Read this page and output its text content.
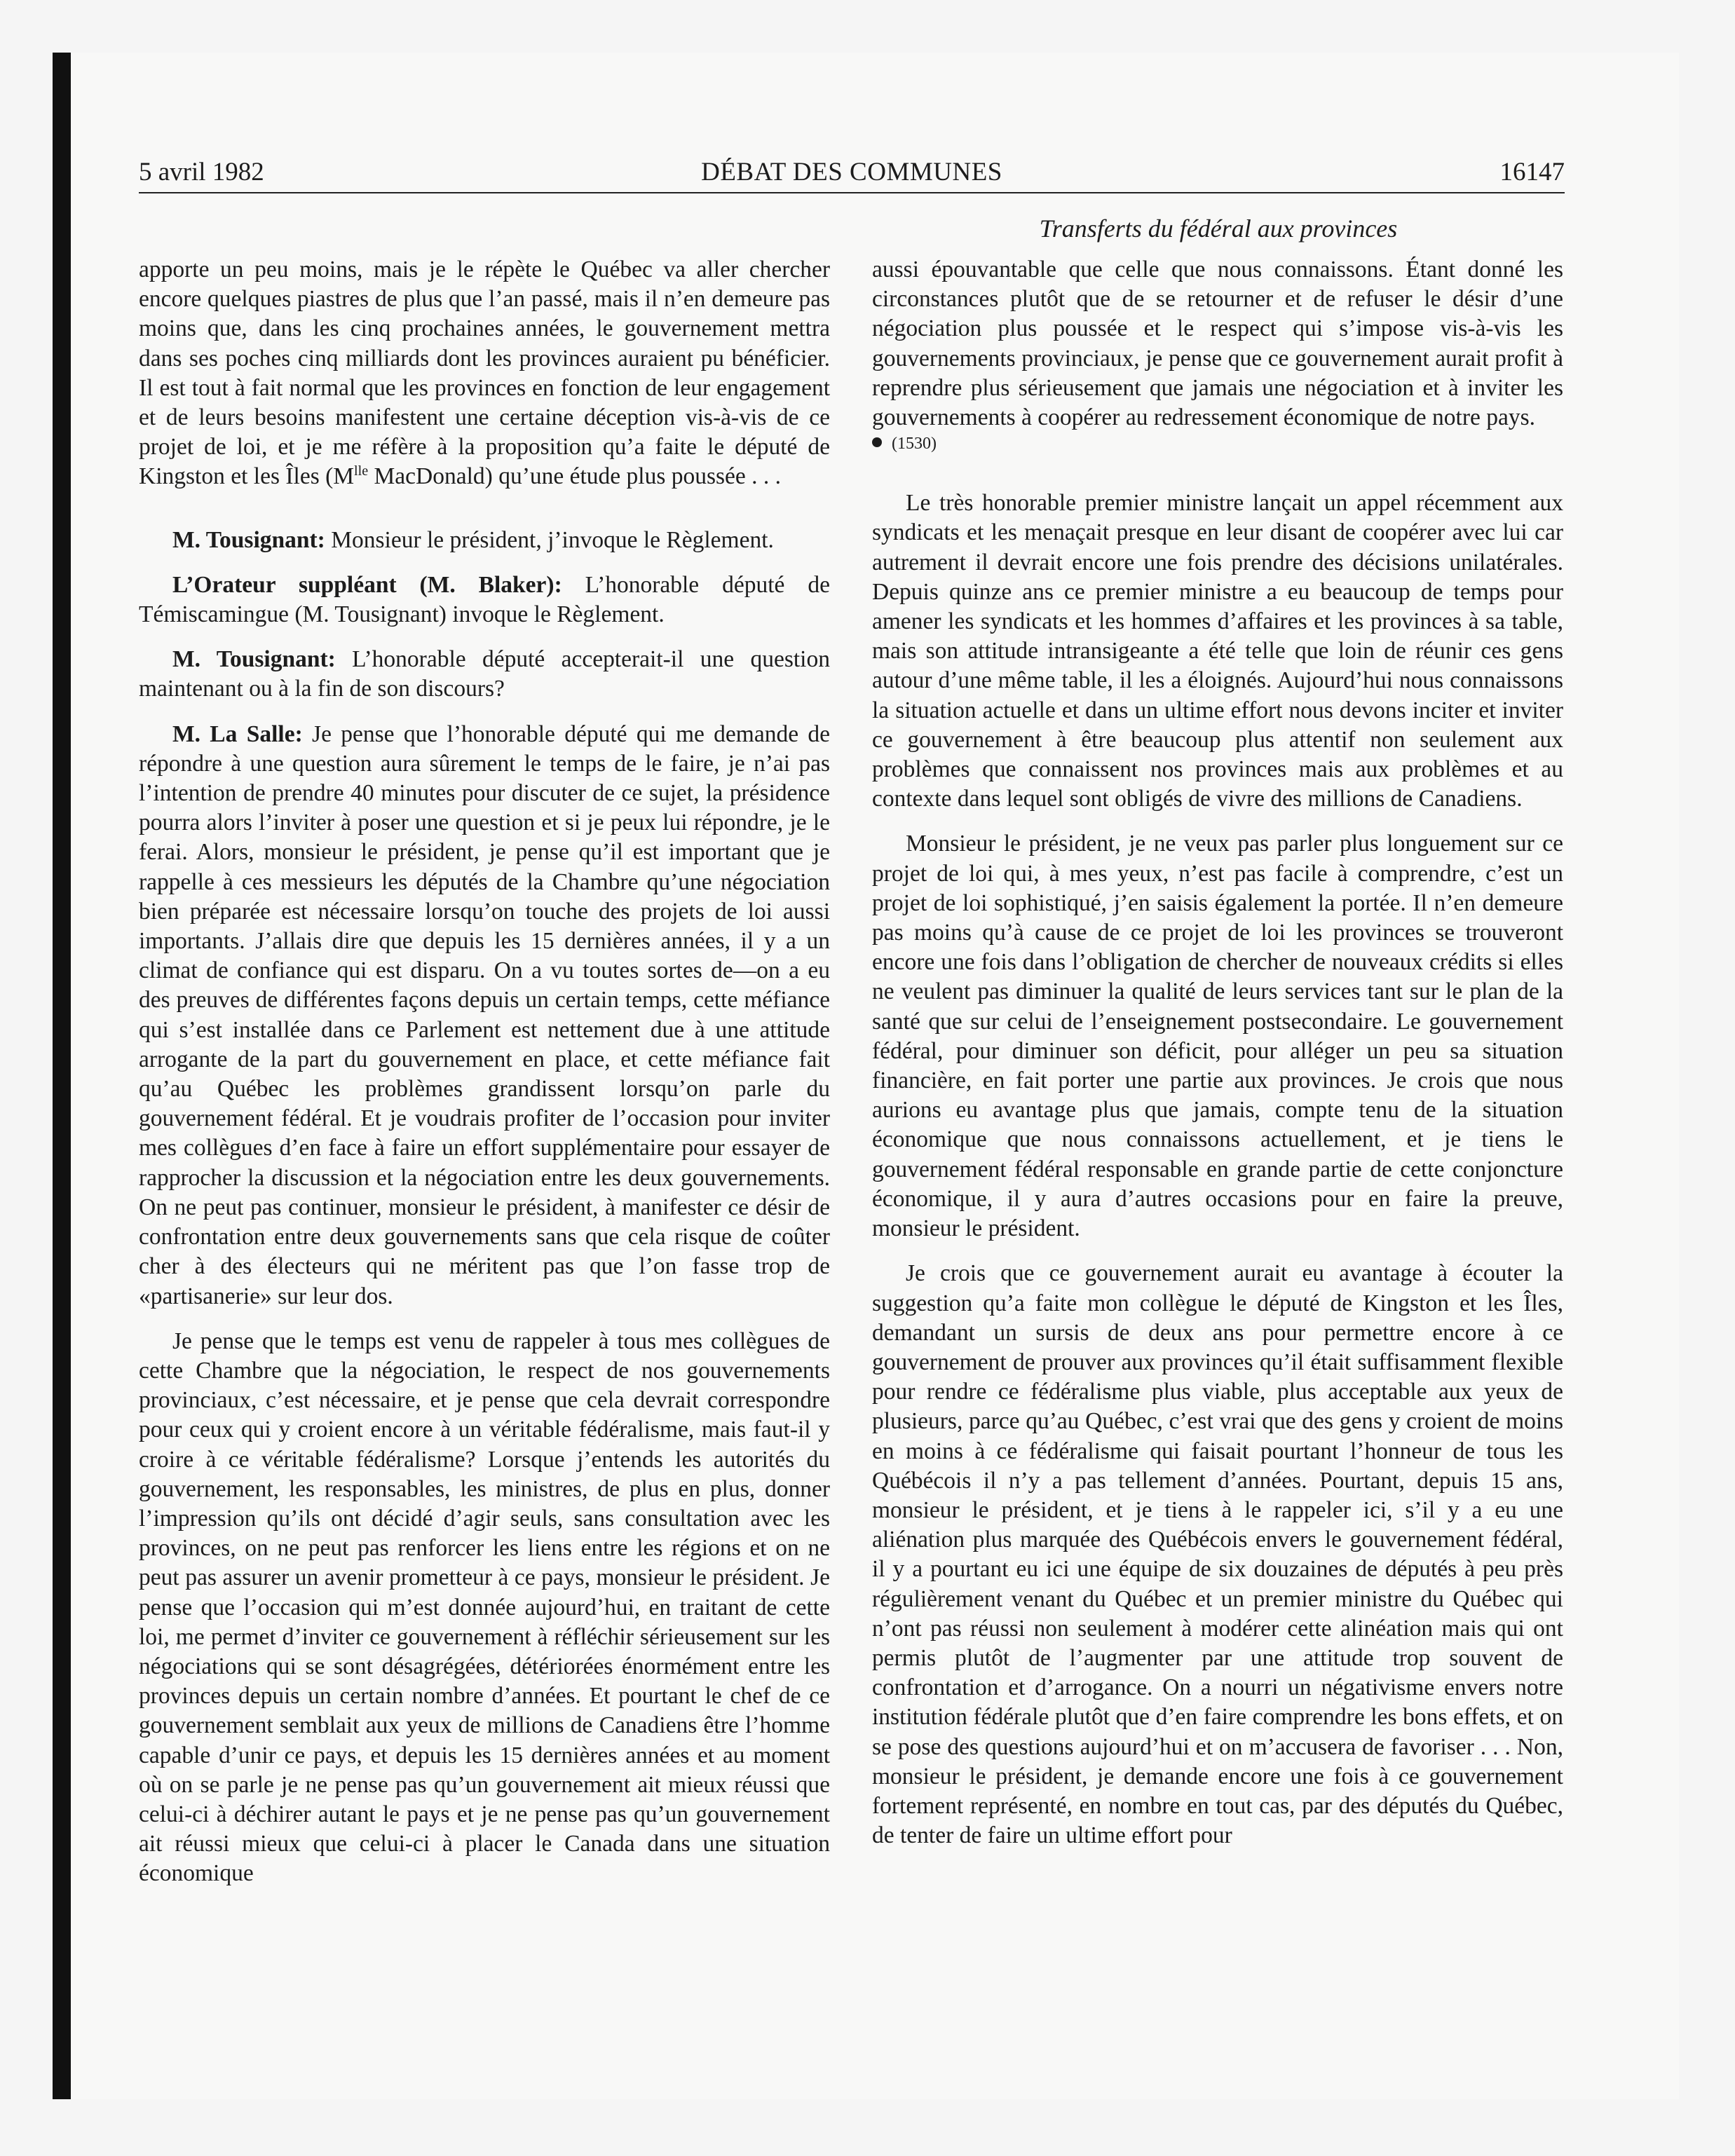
5 avril 1982	DÉBAT DES COMMUNES	16147
Transferts du fédéral aux provinces

apporte un peu moins, mais je le répète le Québec va aller chercher encore quelques piastres de plus que l’an passé, mais il n’en demeure pas moins que, dans les cinq prochaines années, le gouvernement mettra dans ses poches cinq milliards dont les provinces auraient pu bénéficier. Il est tout à fait normal que les provinces en fonction de leur engagement et de leurs besoins manifestent une certaine déception vis-à-vis de ce projet de loi, et je me réfère à la proposition qu’a faite le député de Kingston et les Îles ($M^{lle}$ MacDonald) qu’une étude plus poussée . . .

M. Tousignant: Monsieur le président, j’invoque le Règlement.

L’Orateur suppléant (M. Blaker): L’honorable député de Témiscamingue (M. Tousignant) invoque le Règlement.

M. Tousignant: L’honorable député accepterait-il une question maintenant ou à la fin de son discours?

M. La Salle: Je pense que l’honorable député qui me demande de répondre à une question aura sûrement le temps de le faire, je n’ai pas l’intention de prendre 40 minutes pour discuter de ce sujet, la présidence pourra alors l’inviter à poser une question et si je peux lui répondre, je le ferai. Alors, monsieur le président, je pense qu’il est important que je rappelle à ces messieurs les députés de la Chambre qu’une négociation bien préparée est nécessaire lorsqu’on touche des projets de loi aussi importants. J’allais dire que depuis les 15 dernières années, il y a un climat de confiance qui est disparu. On a vu toutes sortes de—on a eu des preuves de différentes façons depuis un certain temps, cette méfiance qui s’est installée dans ce Parlement est nettement due à une attitude arrogante de la part du gouvernement en place, et cette méfiance fait qu’au Québec les problèmes grandissent lorsqu’on parle du gouvernement fédéral. Et je voudrais profiter de l’occasion pour inviter mes collègues d’en face à faire un effort supplémentaire pour essayer de rapprocher la discussion et la négociation entre les deux gouvernements. On ne peut pas continuer, monsieur le président, à manifester ce désir de confrontation entre deux gouvernements sans que cela risque de coûter cher à des électeurs qui ne méritent pas que l’on fasse trop de «partisanerie» sur leur dos.

Je pense que le temps est venu de rappeler à tous mes collègues de cette Chambre que la négociation, le respect de nos gouvernements provinciaux, c’est nécessaire, et je pense que cela devrait correspondre pour ceux qui y croient encore à un véritable fédéralisme, mais faut-il y croire à ce véritable fédéralisme? Lorsque j’entends les autorités du gouvernement, les responsables, les ministres, de plus en plus, donner l’impression qu’ils ont décidé d’agir seuls, sans consultation avec les provinces, on ne peut pas renforcer les liens entre les régions et on ne peut pas assurer un avenir prometteur à ce pays, monsieur le président. Je pense que l’occasion qui m’est donnée aujourd’hui, en traitant de cette loi, me permet d’inviter ce gouvernement à réfléchir sérieusement sur les négociations qui se sont désagrégées, détériorées énormément entre les provinces depuis un certain nombre d’années. Et pourtant le chef de ce gouvernement semblait aux yeux de millions de Canadiens être l’homme capable d’unir ce pays, et depuis les 15 dernières années et au moment où on se parle je ne pense pas qu’un gouvernement ait mieux réussi que celui-ci à déchirer autant le pays et je ne pense pas qu’un gouvernement ait réussi mieux que celui-ci à placer le Canada dans une situation économique

aussi épouvantable que celle que nous connaissons. Étant donné les circonstances plutôt que de se retourner et de refuser le désir d’une négociation plus poussée et le respect qui s’impose vis-à-vis les gouvernements provinciaux, je pense que ce gouvernement aurait profit à reprendre plus sérieusement que jamais une négociation et à inviter les gouvernements à coopérer au redressement économique de notre pays.

(1530)

Le très honorable premier ministre lançait un appel récemment aux syndicats et les menaçait presque en leur disant de coopérer avec lui car autrement il devrait encore une fois prendre des décisions unilatérales. Depuis quinze ans ce premier ministre a eu beaucoup de temps pour amener les syndicats et les hommes d’affaires et les provinces à sa table, mais son attitude intransigeante a été telle que loin de réunir ces gens autour d’une même table, il les a éloignés. Aujourd’hui nous connaissons la situation actuelle et dans un ultime effort nous devons inciter et inviter ce gouvernement à être beaucoup plus attentif non seulement aux problèmes que connaissent nos provinces mais aux problèmes et au contexte dans lequel sont obligés de vivre des millions de Canadiens.

Monsieur le président, je ne veux pas parler plus longuement sur ce projet de loi qui, à mes yeux, n’est pas facile à comprendre, c’est un projet de loi sophistiqué, j’en saisis également la portée. Il n’en demeure pas moins qu’à cause de ce projet de loi les provinces se trouveront encore une fois dans l’obligation de chercher de nouveaux crédits si elles ne veulent pas diminuer la qualité de leurs services tant sur le plan de la santé que sur celui de l’enseignement postsecondaire. Le gouvernement fédéral, pour diminuer son déficit, pour alléger un peu sa situation financière, en fait porter une partie aux provinces. Je crois que nous aurions eu avantage plus que jamais, compte tenu de la situation économique que nous connaissons actuellement, et je tiens le gouvernement fédéral responsable en grande partie de cette conjoncture économique, il y aura d’autres occasions pour en faire la preuve, monsieur le président.

Je crois que ce gouvernement aurait eu avantage à écouter la suggestion qu’a faite mon collègue le député de Kingston et les Îles, demandant un sursis de deux ans pour permettre encore à ce gouvernement de prouver aux provinces qu’il était suffisamment flexible pour rendre ce fédéralisme plus viable, plus acceptable aux yeux de plusieurs, parce qu’au Québec, c’est vrai que des gens y croient de moins en moins à ce fédéralisme qui faisait pourtant l’honneur de tous les Québécois il n’y a pas tellement d’années. Pourtant, depuis 15 ans, monsieur le président, et je tiens à le rappeler ici, s’il y a eu une aliénation plus marquée des Québécois envers le gouvernement fédéral, il y a pourtant eu ici une équipe de six douzaines de députés à peu près régulièrement venant du Québec et un premier ministre du Québec qui n’ont pas réussi non seulement à modérer cette alinéation mais qui ont permis plutôt de l’augmenter par une attitude trop souvent de confrontation et d’arrogance. On a nourri un négativisme envers notre institution fédérale plutôt que d’en faire comprendre les bons effets, et on se pose des questions aujourd’hui et on m’accusera de favoriser . . . Non, monsieur le président, je demande encore une fois à ce gouvernement fortement représenté, en nombre en tout cas, par des députés du Québec, de tenter de faire un ultime effort pour
